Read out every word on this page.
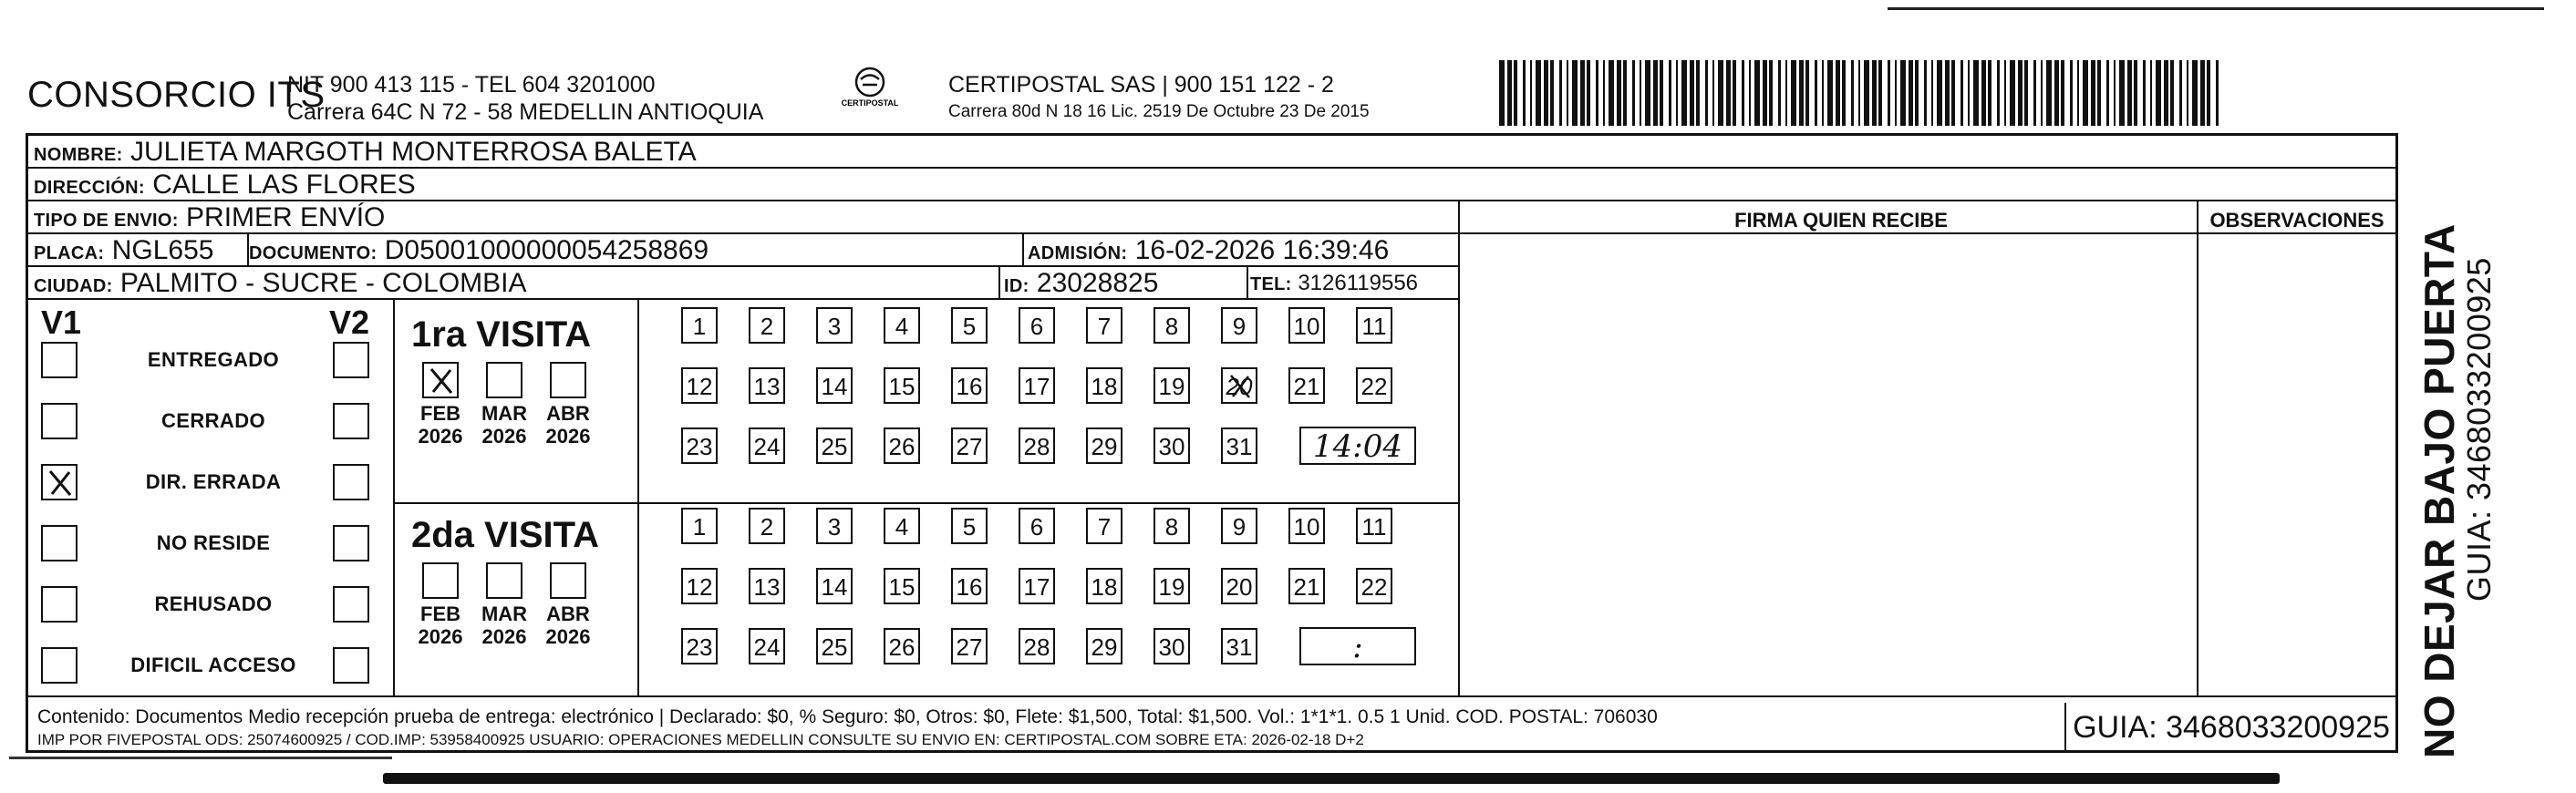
CONSORCIO ITS
NIT 900 413 115 - TEL 604 3201000
Carrera 64C N 72 - 58 MEDELLIN ANTIOQUIA	CERTIPOSTAL
CERTIPOSTAL SAS | 900 151 122 - 2
Carrera 80d N 18 16 Lic. 2519 De Octubre 23 De 2015
NOMBRE: JULIETA MARGOTH MONTERROSA BALETA
DIRECCIÓN: CALLE LAS FLORES
TIPO DE ENVIO: PRIMER ENVÍO	FIRMA QUIEN RECIBE	OBSERVACIONES
PLACA: NGL655	DOCUMENTO: D05001000000054258869	ADMISIÓN: 16-02-2026 16:39:46
CIUDAD: PALMITO - SUCRE - COLOMBIA	ID: 23028825	TEL: 3126119556
V1	V2
ENTREGADO
CERRADO
DIR. ERRADA
NO RESIDE
REHUSADO
DIFICIL ACCESO
1ra VISITA
2da VISITA
FEB
2026
MAR
2026
ABR
2026
1	2	3	4	5	6	7	8	9	10 11
12 13 14 15 16 17 18 19 20 21 22
23 24 25 26 27 28 29 30 31	14:04
FEB
2026
MAR
2026
ABR
2026
1	2	3	4	5	6	7	8	9	10 11
12 13 14 15 16 17 18 19 20 21 22
23 24 25 26 27 28 29 30 31	:
Contenido: Documentos Medio recepción prueba de entrega: electrónico | Declarado: $0, % Seguro: $0, Otros: $0, Flete: $1,500, Total: $1,500. Vol.: 1*1*1. 0.5 1 Unid. COD. POSTAL: 706030
IMP POR FIVEPOSTAL ODS: 25074600925 / COD.IMP: 53958400925 USUARIO: OPERACIONES MEDELLIN CONSULTE SU ENVIO EN: CERTIPOSTAL.COM SOBRE ETA: 2026-02-18 D+2	GUIA: 3468033200925 NO DEJAR BAJO PUERTA
GUIA: 3468033200925
